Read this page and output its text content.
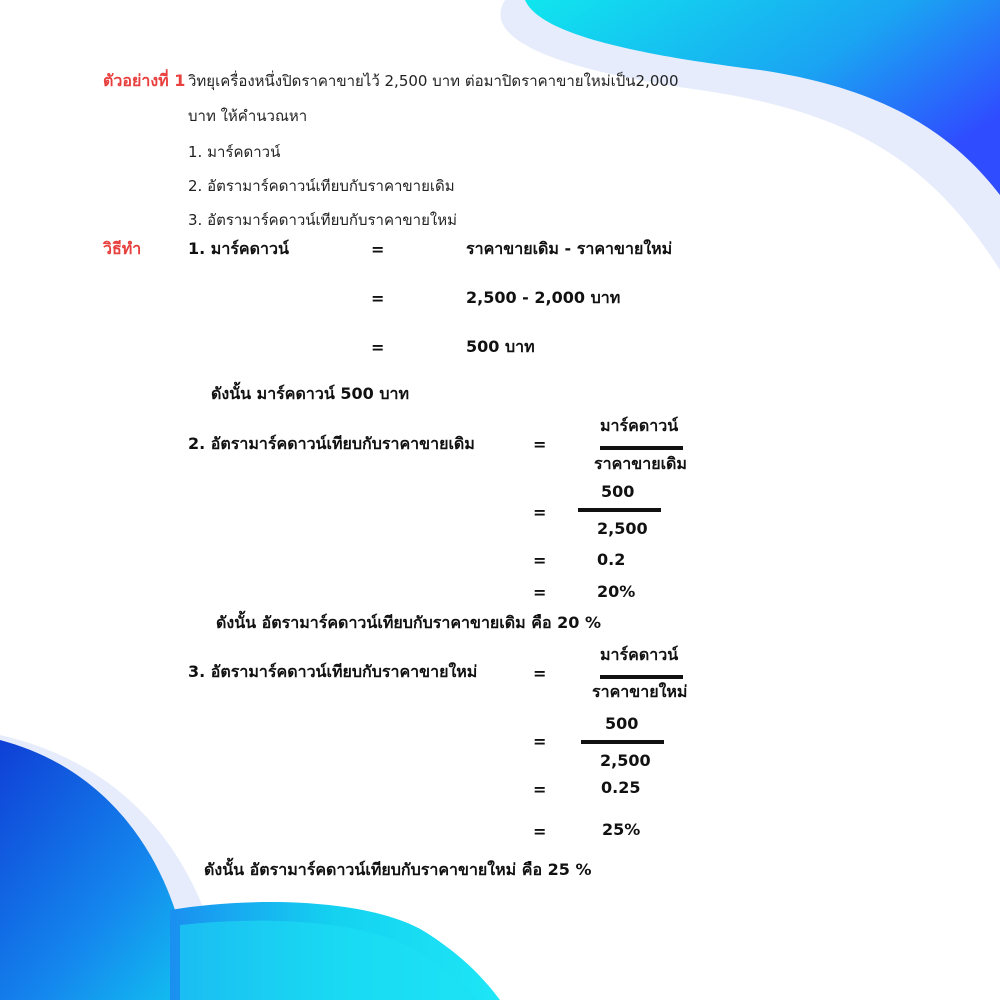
ตัวอย่างที่ 1 วิทยุเครื่องหนึ่งปิดราคาขายไว้ 2,500 บาท ต่อมาปิดราคาขายใหม่เป็น2,000
บาท ให้คำนวณหา
1. มาร์คดาวน์
2. อัตรามาร์คดาวน์เทียบกับราคาขายเดิม
3. อัตรามาร์คดาวน์เทียบกับราคาขายใหม่
วิธีทำ	1. มาร์คดาวน์	=	ราคาขายเดิม - ราคาขายใหม่
=	2,500 - 2,000 บาท
=	500 บาท
ดังนั้น มาร์คดาวน์ 500 บาท
2. อัตรามาร์คดาวน์เทียบกับราคาขายเดิม	=
มาร์คดาวน์
ราคาขายเดิม
500
=
2,500
=	0.2
=	20%
ดังนั้น อัตรามาร์คดาวน์เทียบกับราคาขายเดิม คือ 20 %
3. อัตรามาร์คดาวน์เทียบกับราคาขายใหม่	=
มาร์คดาวน์
ราคาขายใหม่
500
=
2,500
=	0.25
=	25%
ดังนั้น อัตรามาร์คดาวน์เทียบกับราคาขายใหม่ คือ 25 %
